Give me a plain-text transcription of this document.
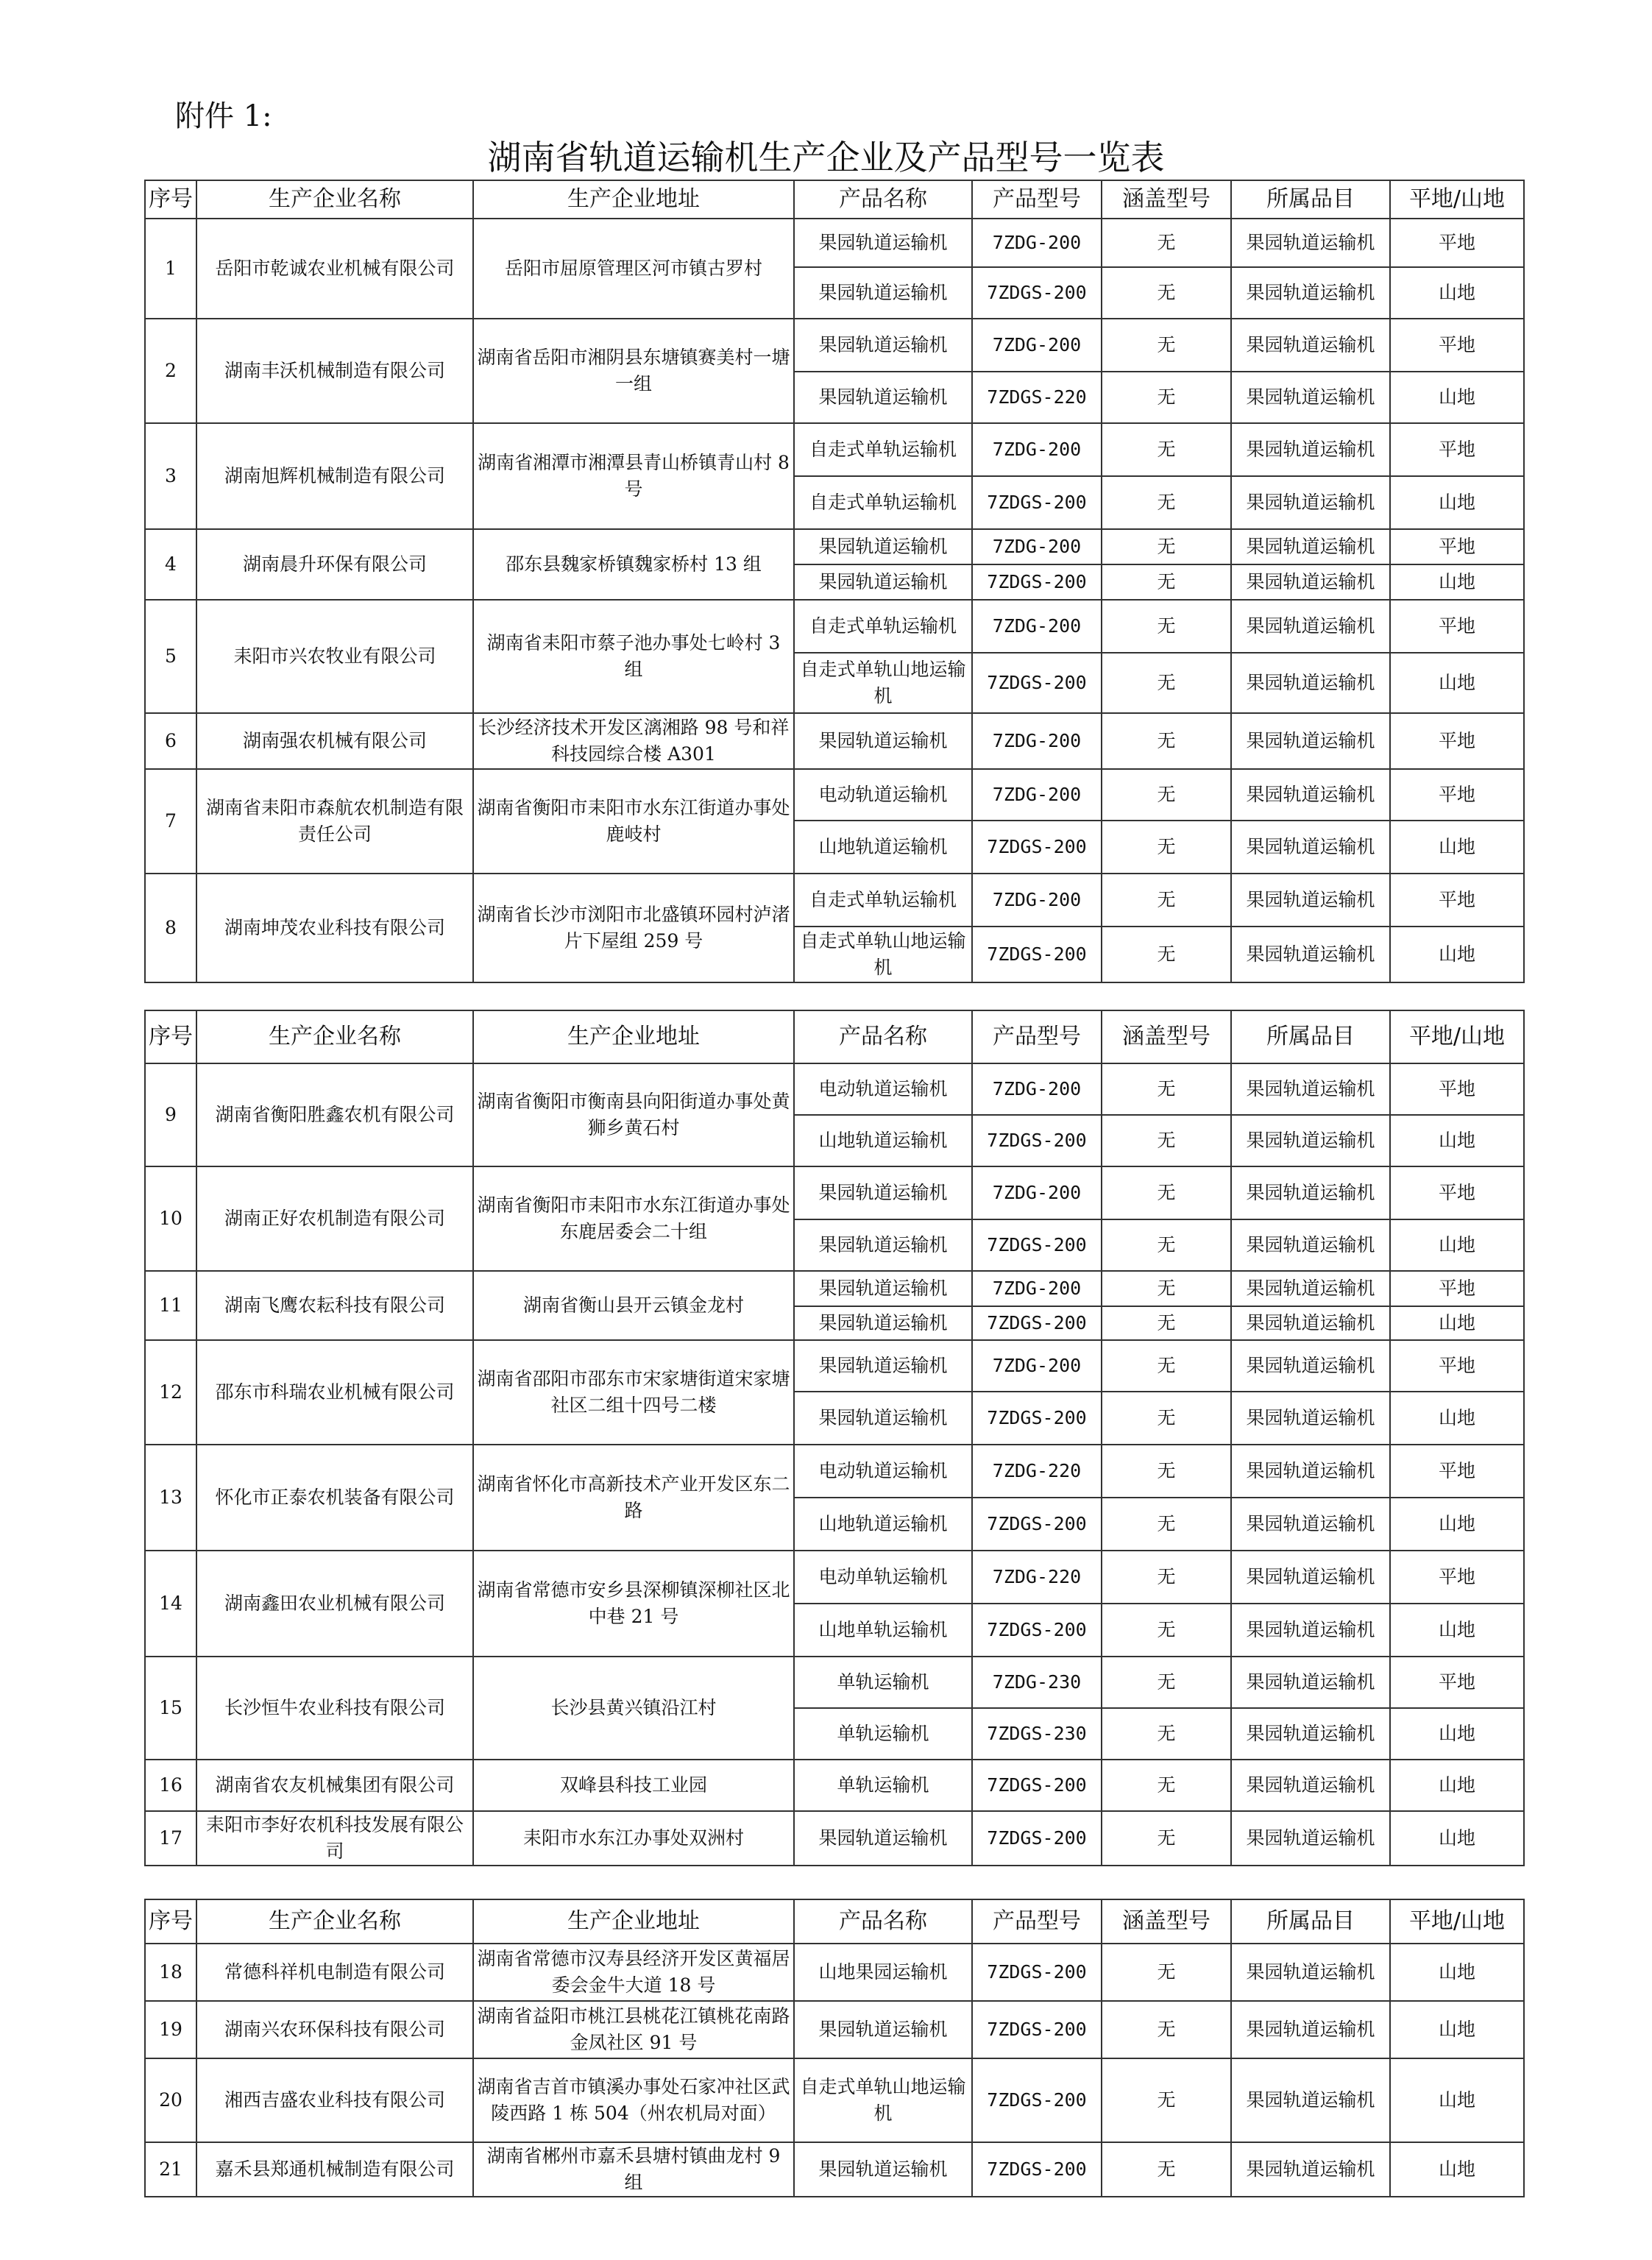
附件 1:
湖南省轨道运输机生产企业及产品型号一览表
序号	生产企业名称	生产企业地址	产品名称	产品型号	涵盖型号	所属品目	平地/山地
1	岳阳市乾诚农业机械有限公司	岳阳市屈原管理区河市镇古罗村	果园轨道运输机	7ZDG-200	无	果园轨道运输机	平地
			果园轨道运输机	7ZDGS-200	无	果园轨道运输机	山地
2	湖南丰沃机械制造有限公司	湖南省岳阳市湘阴县东塘镇赛美村一塘一组	果园轨道运输机	7ZDG-200	无	果园轨道运输机	平地
			果园轨道运输机	7ZDGS-220	无	果园轨道运输机	山地
3	湖南旭辉机械制造有限公司	湖南省湘潭市湘潭县青山桥镇青山村 8 号	自走式单轨运输机	7ZDG-200	无	果园轨道运输机	平地
			自走式单轨运输机	7ZDGS-200	无	果园轨道运输机	山地
4	湖南晨升环保有限公司	邵东县魏家桥镇魏家桥村 13 组	果园轨道运输机	7ZDG-200	无	果园轨道运输机	平地
			果园轨道运输机	7ZDGS-200	无	果园轨道运输机	山地
5	耒阳市兴农牧业有限公司	湖南省耒阳市蔡子池办事处七岭村 3 组	自走式单轨运输机	7ZDG-200	无	果园轨道运输机	平地
			自走式单轨山地运输机	7ZDGS-200	无	果园轨道运输机	山地
6	湖南强农机械有限公司	长沙经济技术开发区漓湘路 98 号和祥科技园综合楼 A301	果园轨道运输机	7ZDG-200	无	果园轨道运输机	平地
7	湖南省耒阳市森航农机制造有限责任公司	湖南省衡阳市耒阳市水东江街道办事处鹿岐村	电动轨道运输机	7ZDG-200	无	果园轨道运输机	平地
			山地轨道运输机	7ZDGS-200	无	果园轨道运输机	山地
8	湖南坤茂农业科技有限公司	湖南省长沙市浏阳市北盛镇环园村泸渚片下屋组 259 号	自走式单轨运输机	7ZDG-200	无	果园轨道运输机	平地
			自走式单轨山地运输机	7ZDGS-200	无	果园轨道运输机	山地
序号	生产企业名称	生产企业地址	产品名称	产品型号	涵盖型号	所属品目	平地/山地
9	湖南省衡阳胜鑫农机有限公司	湖南省衡阳市衡南县向阳街道办事处黄狮乡黄石村	电动轨道运输机	7ZDG-200	无	果园轨道运输机	平地
			山地轨道运输机	7ZDGS-200	无	果园轨道运输机	山地
10	湖南正好农机制造有限公司	湖南省衡阳市耒阳市水东江街道办事处东鹿居委会二十组	果园轨道运输机	7ZDG-200	无	果园轨道运输机	平地
			果园轨道运输机	7ZDGS-200	无	果园轨道运输机	山地
11	湖南飞鹰农耘科技有限公司	湖南省衡山县开云镇金龙村	果园轨道运输机	7ZDG-200	无	果园轨道运输机	平地
			果园轨道运输机	7ZDGS-200	无	果园轨道运输机	山地
12	邵东市科瑞农业机械有限公司	湖南省邵阳市邵东市宋家塘街道宋家塘社区二组十四号二楼	果园轨道运输机	7ZDG-200	无	果园轨道运输机	平地
			果园轨道运输机	7ZDGS-200	无	果园轨道运输机	山地
13	怀化市正泰农机装备有限公司	湖南省怀化市高新技术产业开发区东二路	电动轨道运输机	7ZDG-220	无	果园轨道运输机	平地
			山地轨道运输机	7ZDGS-200	无	果园轨道运输机	山地
14	湖南鑫田农业机械有限公司	湖南省常德市安乡县深柳镇深柳社区北中巷 21 号	电动单轨运输机	7ZDG-220	无	果园轨道运输机	平地
			山地单轨运输机	7ZDGS-200	无	果园轨道运输机	山地
15	长沙恒牛农业科技有限公司	长沙县黄兴镇沿江村	单轨运输机	7ZDG-230	无	果园轨道运输机	平地
			单轨运输机	7ZDGS-230	无	果园轨道运输机	山地
16	湖南省农友机械集团有限公司	双峰县科技工业园	单轨运输机	7ZDGS-200	无	果园轨道运输机	山地
17	耒阳市李好农机科技发展有限公司	耒阳市水东江办事处双洲村	果园轨道运输机	7ZDGS-200	无	果园轨道运输机	山地
序号	生产企业名称	生产企业地址	产品名称	产品型号	涵盖型号	所属品目	平地/山地
18	常德科祥机电制造有限公司	湖南省常德市汉寿县经济开发区黄福居委会金牛大道 18 号	山地果园运输机	7ZDGS-200	无	果园轨道运输机	山地
19	湖南兴农环保科技有限公司	湖南省益阳市桃江县桃花江镇桃花南路金凤社区 91 号	果园轨道运输机	7ZDGS-200	无	果园轨道运输机	山地
20	湘西吉盛农业科技有限公司	湖南省吉首市镇溪办事处石家冲社区武陵西路 1 栋 504（州农机局对面）	自走式单轨山地运输机	7ZDGS-200	无	果园轨道运输机	山地
21	嘉禾县郑通机械制造有限公司	湖南省郴州市嘉禾县塘村镇曲龙村 9 组	果园轨道运输机	7ZDGS-200	无	果园轨道运输机	山地
